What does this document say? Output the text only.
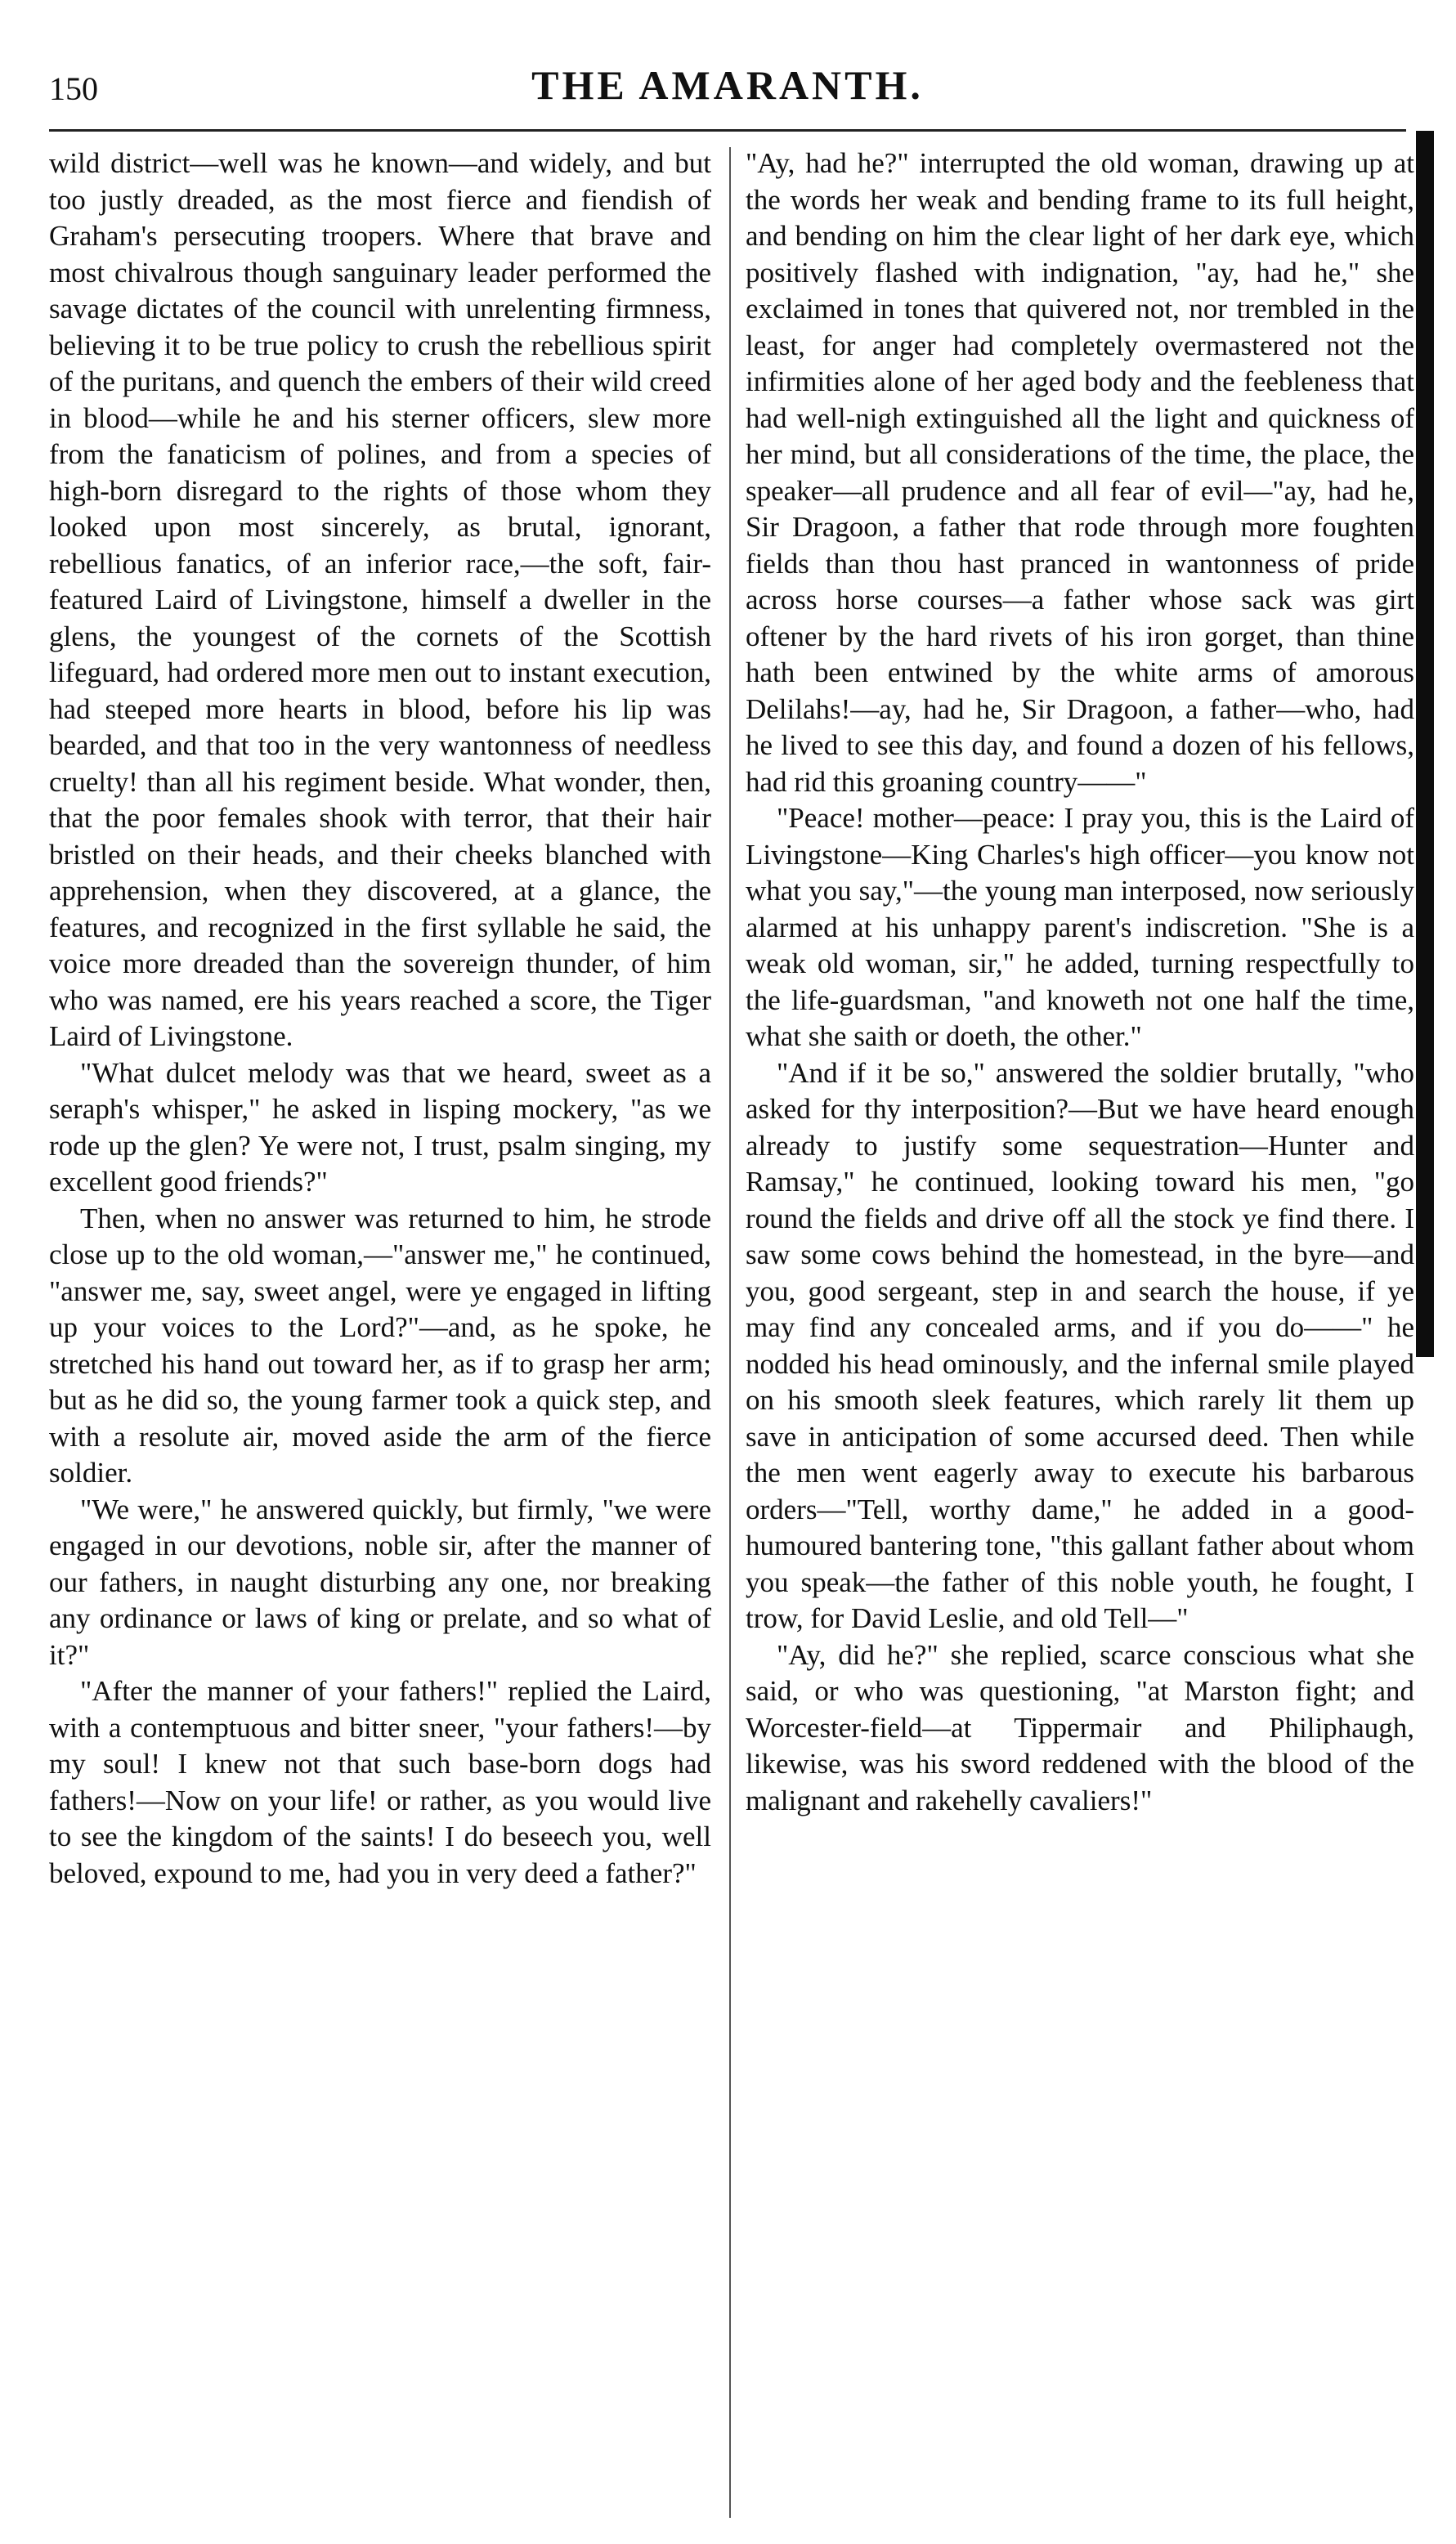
150	THE AMARANTH.

wild district—well was he known—and widely, and but too justly dreaded, as the most fierce and fiendish of Graham's persecuting troopers. Where that brave and most chivalrous though sanguinary leader performed the savage dictates of the council with unrelenting firmness, believing it to be true policy to crush the rebellious spirit of the puritans, and quench the embers of their wild creed in blood—while he and his sterner officers, slew more from the fanaticism of polines, and from a species of high-born disregard to the rights of those whom they looked upon most sincerely, as brutal, ignorant, rebellious fanatics, of an inferior race,—the soft, fair-featured Laird of Livingstone, himself a dweller in the glens, the youngest of the cornets of the Scottish lifeguard, had ordered more men out to instant execution, had steeped more hearts in blood, before his lip was bearded, and that too in the very wantonness of needless cruelty! than all his regiment beside. What wonder, then, that the poor females shook with terror, that their hair bristled on their heads, and their cheeks blanched with apprehension, when they discovered, at a glance, the features, and recognized in the first syllable he said, the voice more dreaded than the sovereign thunder, of him who was named, ere his years reached a score, the Tiger Laird of Livingstone.

"What dulcet melody was that we heard, sweet as a seraph's whisper," he asked in lisping mockery, "as we rode up the glen? Ye were not, I trust, psalm singing, my excellent good friends?"

Then, when no answer was returned to him, he strode close up to the old woman,—"answer me," he continued, "answer me, say, sweet angel, were ye engaged in lifting up your voices to the Lord?"—and, as he spoke, he stretched his hand out toward her, as if to grasp her arm; but as he did so, the young farmer took a quick step, and with a resolute air, moved aside the arm of the fierce soldier.

"We were," he answered quickly, but firmly, "we were engaged in our devotions, noble sir, after the manner of our fathers, in naught disturbing any one, nor breaking any ordinance or laws of king or prelate, and so what of it?"

"After the manner of your fathers!" replied the Laird, with a contemptuous and bitter sneer, "your fathers!—by my soul! I knew not that such base-born dogs had fathers!—Now on your life! or rather, as you would live to see the kingdom of the saints! I do beseech you, well beloved, expound to me, had you in very deed a father?"

"Ay, had he?" interrupted the old woman, drawing up at the words her weak and bending frame to its full height, and bending on him the clear light of her dark eye, which positively flashed with indignation, "ay, had he," she exclaimed in tones that quivered not, nor trembled in the least, for anger had completely overmastered not the infirmities alone of her aged body and the feebleness that had well-nigh extinguished all the light and quickness of her mind, but all considerations of the time, the place, the speaker—all prudence and all fear of evil—"ay, had he, Sir Dragoon, a father that rode through more foughten fields than thou hast pranced in wantonness of pride across horse courses—a father whose sack was girt oftener by the hard rivets of his iron gorget, than thine hath been entwined by the white arms of amorous Delilahs!—ay, had he, Sir Dragoon, a father—who, had he lived to see this day, and found a dozen of his fellows, had rid this groaning country——"

"Peace! mother—peace: I pray you, this is the Laird of Livingstone—King Charles's high officer—you know not what you say,"—the young man interposed, now seriously alarmed at his unhappy parent's indiscretion. "She is a weak old woman, sir," he added, turning respectfully to the life-guardsman, "and knoweth not one half the time, what she saith or doeth, the other."

"And if it be so," answered the soldier brutally, "who asked for thy interposition?—But we have heard enough already to justify some sequestration—Hunter and Ramsay," he continued, looking toward his men, "go round the fields and drive off all the stock ye find there. I saw some cows behind the homestead, in the byre—and you, good sergeant, step in and search the house, if ye may find any concealed arms, and if you do——" he nodded his head ominously, and the infernal smile played on his smooth sleek features, which rarely lit them up save in anticipation of some accursed deed. Then while the men went eagerly away to execute his barbarous orders—"Tell, worthy dame," he added in a good-humoured bantering tone, "this gallant father about whom you speak—the father of this noble youth, he fought, I trow, for David Leslie, and old Tell—"

"Ay, did he?" she replied, scarce conscious what she said, or who was questioning, "at Marston fight; and Worcester-field—at Tippermair and Philiphaugh, likewise, was his sword reddened with the blood of the malignant and rakehelly cavaliers!"
